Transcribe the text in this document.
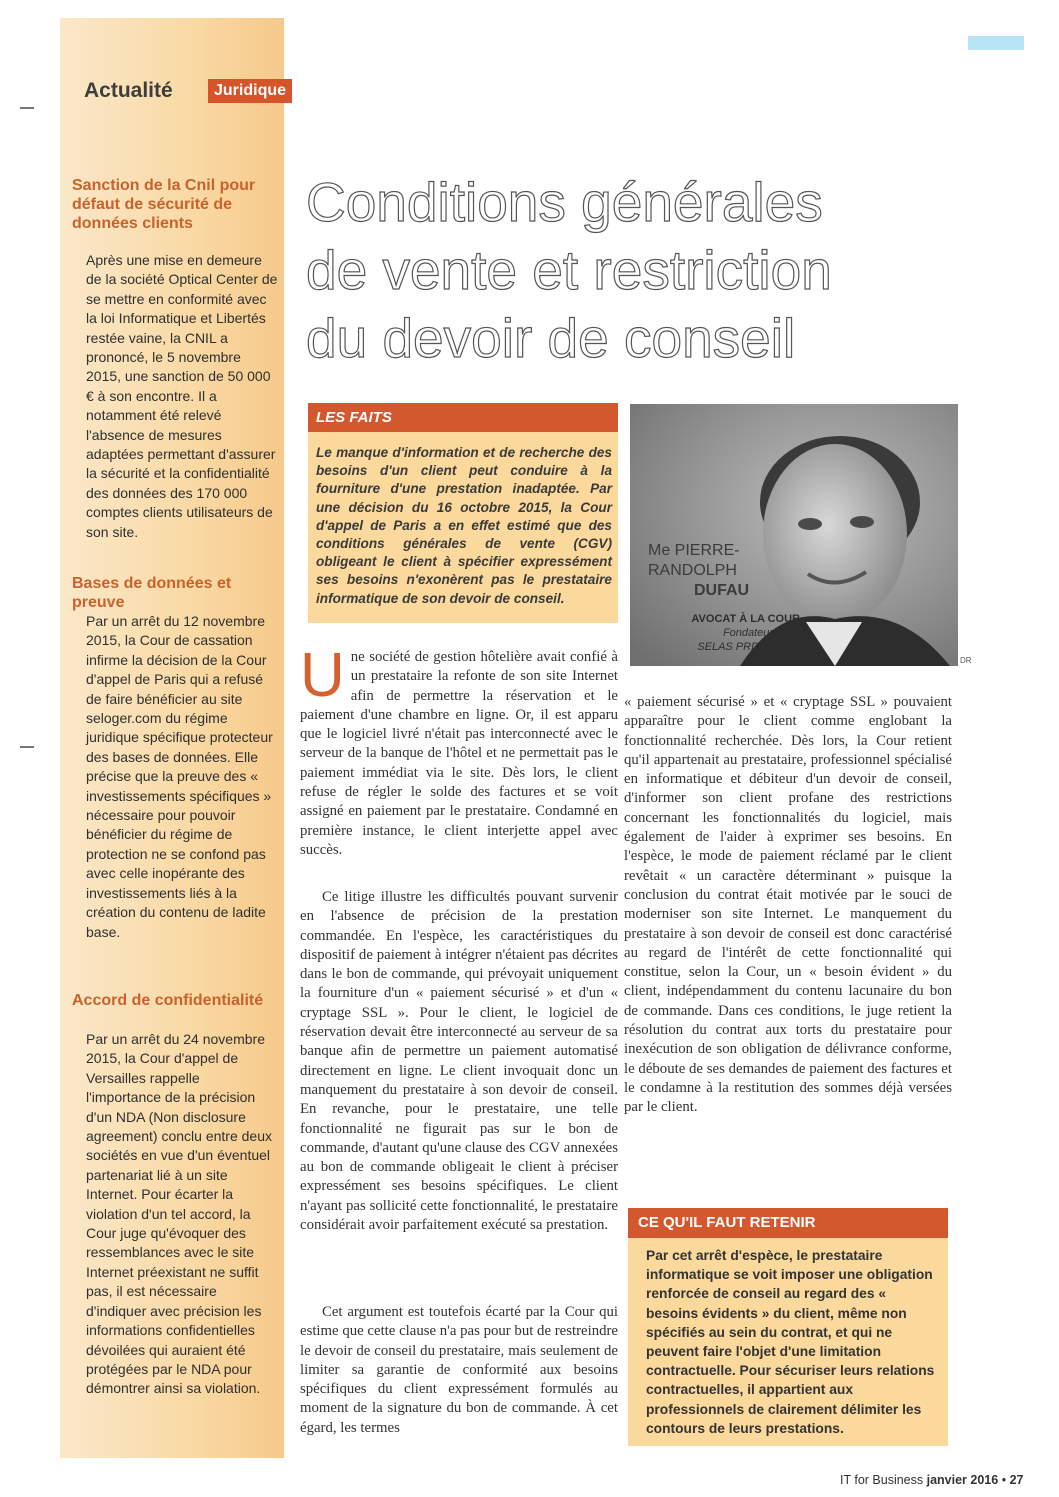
Actualité	Juridique
Sanction de la Cnil pour défaut de sécurité de données clients
Après une mise en demeure de la société Optical Center de se mettre en conformité avec la loi Informatique et Libertés restée vaine, la CNIL a prononcé, le 5 novembre 2015, une sanction de 50 000 € à son encontre. Il a notamment été relevé l'absence de mesures adaptées permettant d'assurer la sécurité et la confidentialité des données des 170 000 comptes clients utilisateurs de son site.
Bases de données et preuve
Par un arrêt du 12 novembre 2015, la Cour de cassation infirme la décision de la Cour d'appel de Paris qui a refusé de faire bénéficier au site seloger.com du régime juridique spécifique protecteur des bases de données. Elle précise que la preuve des « investissements spécifiques » nécessaire pour pouvoir bénéficier du régime de protection ne se confond pas avec celle inopérante des investissements liés à la création du contenu de ladite base.
Accord de confidentialité
Par un arrêt du 24 novembre 2015, la Cour d'appel de Versailles rappelle l'importance de la précision d'un NDA (Non disclosure agreement) conclu entre deux sociétés en vue d'un éventuel partenariat lié à un site Internet. Pour écarter la violation d'un tel accord, la Cour juge qu'évoquer des ressemblances avec le site Internet préexistant ne suffit pas, il est nécessaire d'indiquer avec précision les informations confidentielles dévoilées qui auraient été protégées par le NDA pour démontrer ainsi sa violation.
Conditions générales
de vente et restriction
du devoir de conseil
LES FAITS
Le manque d'information et de recherche des besoins d'un client peut conduire à la fourniture d'une prestation inadaptée. Par une décision du 16 octobre 2015, la Cour d'appel de Paris a en effet estimé que des conditions générales de vente (CGV) obligeant le client à spécifier expressément ses besoins n'exonèrent pas le prestataire informatique de son devoir de conseil.
Me PIERRE-
RANDOLPH
DUFAU
AVOCAT À LA COUR
Fondateur de la
SELAS PRD avocats
DR
Une société de gestion hôtelière avait confié à un prestataire la refonte de son site Internet afin de permettre la réservation et le paiement d'une chambre en ligne. Or, il est apparu que le logiciel livré n'était pas interconnecté avec le serveur de la banque de l'hôtel et ne permettait pas le paiement immédiat via le site. Dès lors, le client refuse de régler le solde des factures et se voit assigné en paiement par le prestataire. Condamné en première instance, le client interjette appel avec succès.
Ce litige illustre les difficultés pouvant survenir en l'absence de précision de la prestation commandée. En l'espèce, les caractéristiques du dispositif de paiement à intégrer n'étaient pas décrites dans le bon de commande, qui prévoyait uniquement la fourniture d'un « paiement sécurisé » et d'un « cryptage SSL ». Pour le client, le logiciel de réservation devait être interconnecté au serveur de sa banque afin de permettre un paiement automatisé directement en ligne. Le client invoquait donc un manquement du prestataire à son devoir de conseil. En revanche, pour le prestataire, une telle fonctionnalité ne figurait pas sur le bon de commande, d'autant qu'une clause des CGV annexées au bon de commande obligeait le client à préciser expressément ses besoins spécifiques. Le client n'ayant pas sollicité cette fonctionnalité, le prestataire considérait avoir parfaitement exécuté sa prestation.
Cet argument est toutefois écarté par la Cour qui estime que cette clause n'a pas pour but de restreindre le devoir de conseil du prestataire, mais seulement de limiter sa garantie de conformité aux besoins spécifiques du client expressément formulés au moment de la signature du bon de commande. À cet égard, les termes
« paiement sécurisé » et « cryptage SSL » pouvaient apparaître pour le client comme englobant la fonctionnalité recherchée. Dès lors, la Cour retient qu'il appartenait au prestataire, professionnel spécialisé en informatique et débiteur d'un devoir de conseil, d'informer son client profane des restrictions concernant les fonctionnalités du logiciel, mais également de l'aider à exprimer ses besoins. En l'espèce, le mode de paiement réclamé par le client revêtait « un caractère déterminant » puisque la conclusion du contrat était motivée par le souci de moderniser son site Internet. Le manquement du prestataire à son devoir de conseil est donc caractérisé au regard de l'intérêt de cette fonctionnalité qui constitue, selon la Cour, un « besoin évident » du client, indépendamment du contenu lacunaire du bon de commande. Dans ces conditions, le juge retient la résolution du contrat aux torts du prestataire pour inexécution de son obligation de délivrance conforme, le déboute de ses demandes de paiement des factures et le condamne à la restitution des sommes déjà versées par le client.
CE QU'IL FAUT RETENIR
Par cet arrêt d'espèce, le prestataire informatique se voit imposer une obligation renforcée de conseil au regard des « besoins évidents » du client, même non spécifiés au sein du contrat, et qui ne peuvent faire l'objet d'une limitation contractuelle. Pour sécuriser leurs relations contractuelles, il appartient aux professionnels de clairement délimiter les contours de leurs prestations.
IT for Business janvier 2016 • 27
